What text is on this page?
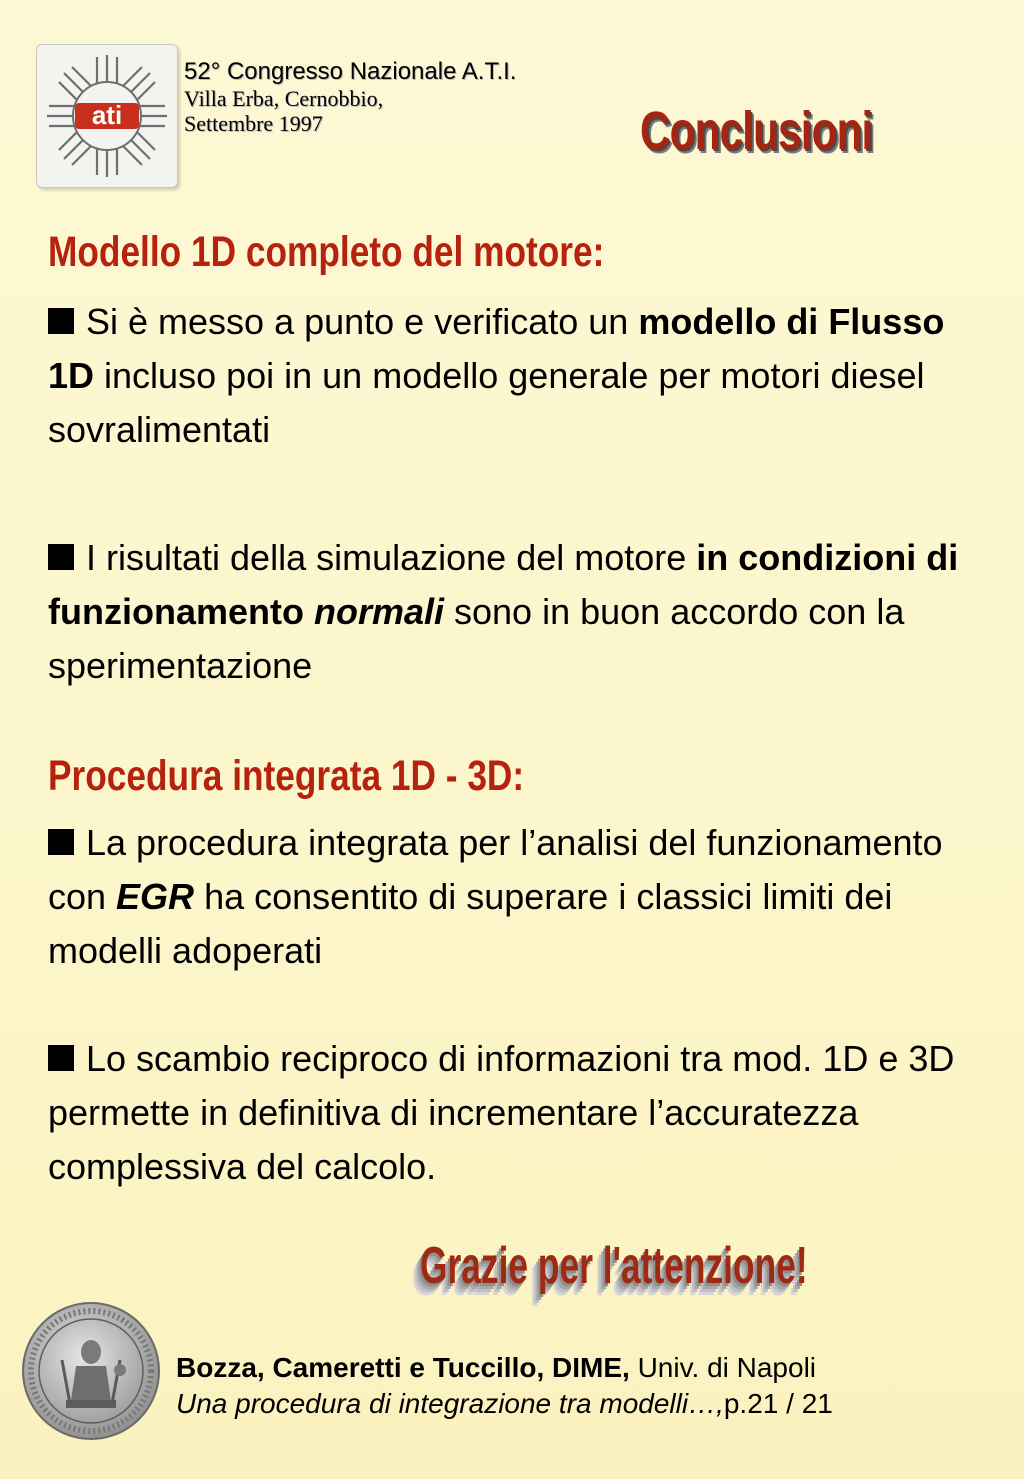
ati
52° Congresso Nazionale A.T.I.
Villa Erba, Cernobbio,
Settembre 1997	Conclusioni
Modello 1D completo del motore:
Si è messo a punto e verificato un modello di Flusso 1D incluso poi in un modello generale per motori diesel sovralimentati
I risultati della simulazione del motore in condizioni di funzionamento normali sono in buon accordo con la sperimentazione
Procedura integrata 1D - 3D:
La procedura integrata per l’analisi del funzionamento con EGR ha consentito di superare i classici limiti dei modelli adoperati
Lo scambio reciproco di informazioni tra mod. 1D e 3D permette in definitiva di incrementare l’accuratezza complessiva del calcolo.
Grazie per l'attenzione!
Bozza, Cameretti e Tuccillo, DIME, Univ. di Napoli
Una procedura di integrazione tra modelli…,p.21 / 21
